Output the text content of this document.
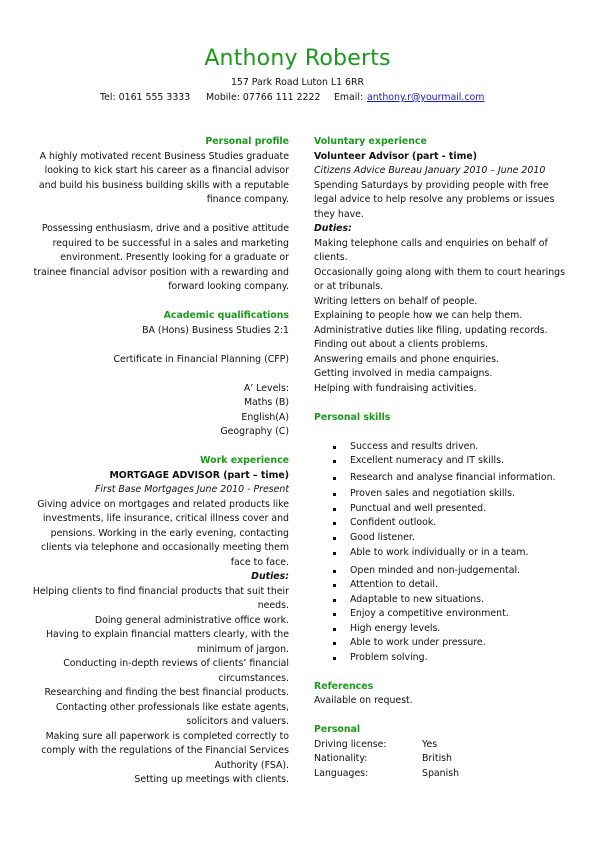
Anthony Roberts
157 Park Road Luton L1 6RR
Tel: 0161 555 3333 Mobile: 07766 111 2222 Email: anthony.r@yourmail.com
Personal profile
A highly motivated recent Business Studies graduate
looking to kick start his career as a financial advisor
and build his business building skills with a reputable
finance company.
Possessing enthusiasm, drive and a positive attitude
required to be successful in a sales and marketing
environment. Presently looking for a graduate or
trainee financial advisor position with a rewarding and
forward looking company.
Academic qualifications
BA (Hons) Business Studies 2:1
Certificate in Financial Planning (CFP)
A’ Levels:
Maths (B)
English(A)
Geography (C)
Work experience
MORTGAGE ADVISOR (part – time)
First Base Mortgages June 2010 - Present
Giving advice on mortgages and related products like
investments, life insurance, critical illness cover and
pensions. Working in the early evening, contacting
clients via telephone and occasionally meeting them
face to face.
Duties:
Helping clients to find financial products that suit their
needs.
Doing general administrative office work.
Having to explain financial matters clearly, with the
minimum of jargon.
Conducting in-depth reviews of clients’ financial
circumstances.
Researching and finding the best financial products.
Contacting other professionals like estate agents,
solicitors and valuers.
Making sure all paperwork is completed correctly to
comply with the regulations of the Financial Services
Authority (FSA).
Setting up meetings with clients.
Voluntary experience
Volunteer Advisor (part - time)
Citizens Advice Bureau January 2010 – June 2010
Spending Saturdays by providing people with free
legal advice to help resolve any problems or issues
they have.
Duties:
Making telephone calls and enquiries on behalf of
clients.
Occasionally going along with them to court hearings
or at tribunals.
Writing letters on behalf of people.
Explaining to people how we can help them.
Administrative duties like filing, updating records.
Finding out about a clients problems.
Answering emails and phone enquiries.
Getting involved in media campaigns.
Helping with fundraising activities.
Personal skills
Success and results driven.
Excellent numeracy and IT skills.
Research and analyse financial information.
Proven sales and negotiation skills.
Punctual and well presented.
Confident outlook.
Good listener.
Able to work individually or in a team.
Open minded and non-judgemental.
Attention to detail.
Adaptable to new situations.
Enjoy a competitive environment.
High energy levels.
Able to work under pressure.
Problem solving.
References
Available on request.
Personal
Driving license:	Yes
Nationality:	British
Languages:	Spanish
